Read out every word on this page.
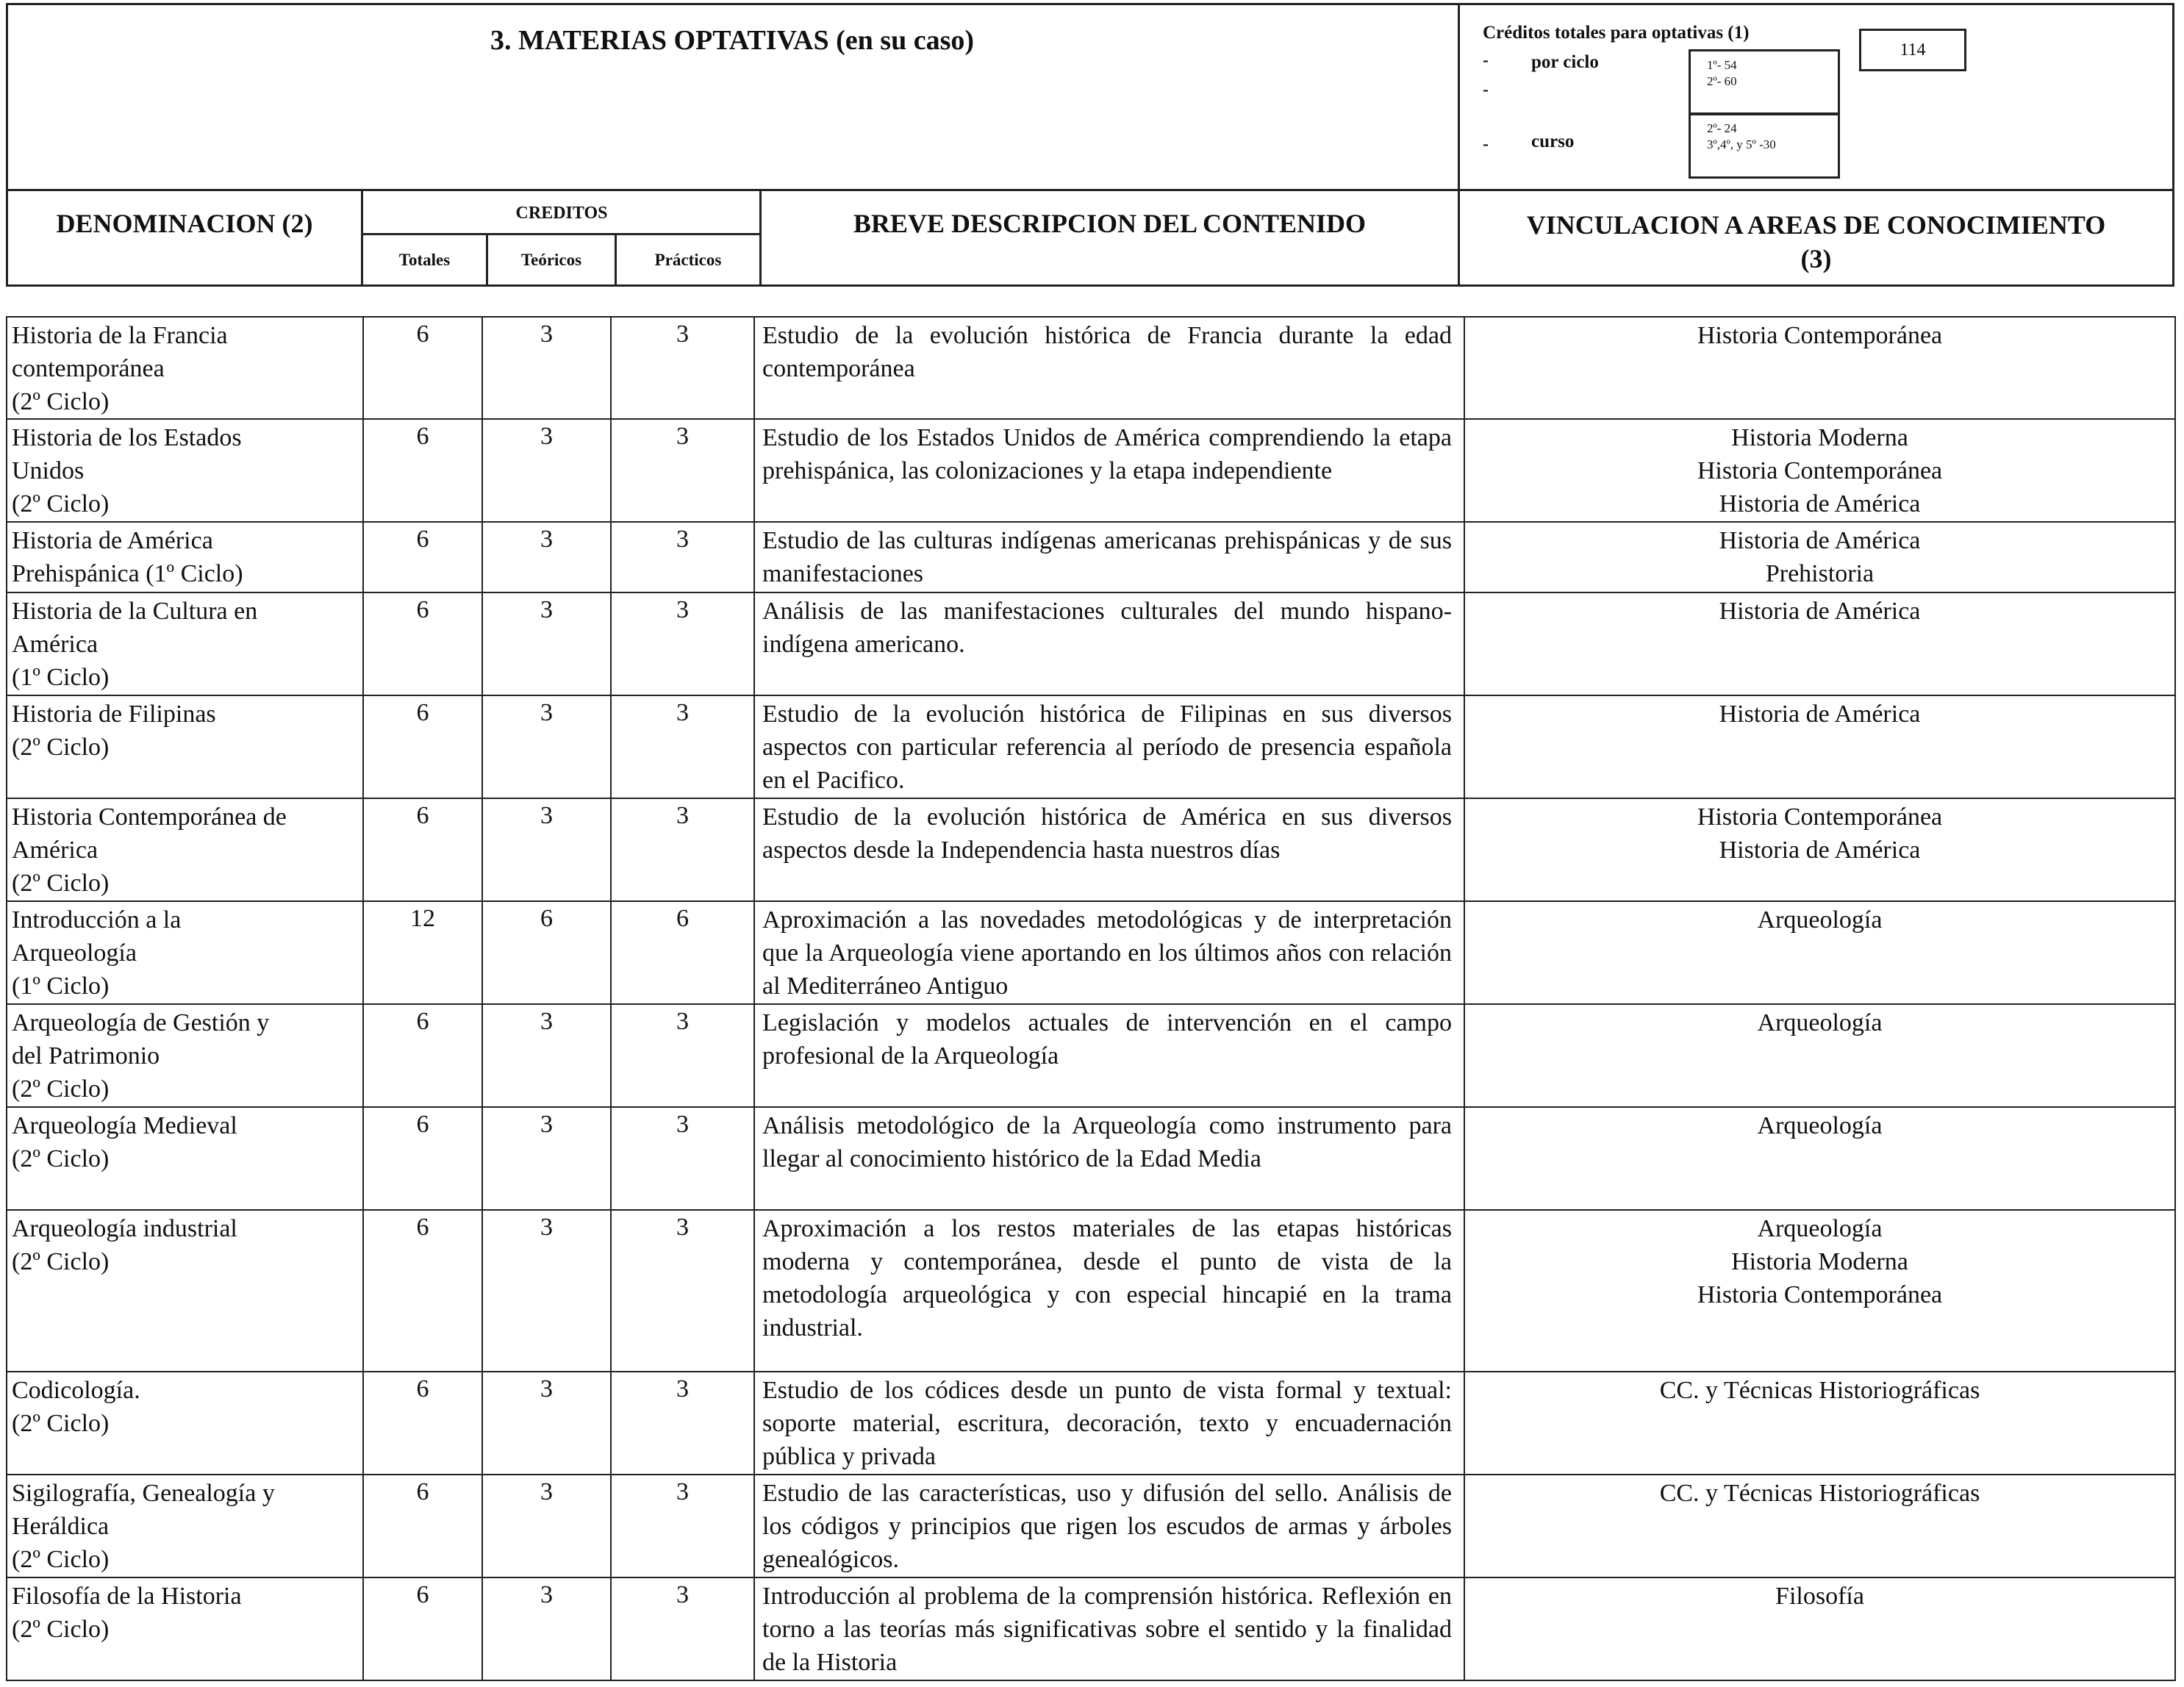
3. MATERIAS OPTATIVAS (en su caso)	Créditos totales para optativas (1)
114
-
-
-
por ciclo
curso
1º- 54
2º- 60
2º- 24
3º,4º, y 5º -30
DENOMINACION (2)	CREDITOS
Totales	Teóricos	Prácticos
BREVE DESCRIPCION DEL CONTENIDO	VINCULACION A AREAS DE CONOCIMIENTO
(3)
Historia de la Francia
contemporánea
(2º Ciclo)	6	3	3	Estudio de la evolución histórica de Francia durante la edad contemporánea	Historia Contemporánea

Historia de los Estados
Unidos
(2º Ciclo)	6	3	3	Estudio de los Estados Unidos de América comprendiendo la etapa prehispánica, las colonizaciones y la etapa independiente	Historia Moderna
Historia Contemporánea
Historia de América

Historia de América
Prehispánica (1º Ciclo)	6	3	3	Estudio de las culturas indígenas americanas prehispánicas y de sus manifestaciones	Historia de América
Prehistoria

Historia de la Cultura en
América
(1º Ciclo)	6	3	3	Análisis de las manifestaciones culturales del mundo hispano-indígena americano.	Historia de América

Historia de Filipinas
(2º Ciclo)	6	3	3	Estudio de la evolución histórica de Filipinas en sus diversos aspectos con particular referencia al período de presencia española en el Pacifico.	Historia de América

Historia Contemporánea de
América
(2º Ciclo)	6	3	3	Estudio de la evolución histórica de América en sus diversos aspectos desde la Independencia hasta nuestros días	Historia Contemporánea
Historia de América

Introducción a la
Arqueología
(1º Ciclo)	12	6	6	Aproximación a las novedades metodológicas y de interpretación que la Arqueología viene aportando en los últimos años con relación al Mediterráneo Antiguo	Arqueología

Arqueología de Gestión y
del Patrimonio
(2º Ciclo)	6	3	3	Legislación y modelos actuales de intervención en el campo profesional de la Arqueología	Arqueología

Arqueología Medieval
(2º Ciclo)	6	3	3	Análisis metodológico de la Arqueología como instrumento para llegar al conocimiento histórico de la Edad Media	Arqueología

Arqueología industrial
(2º Ciclo)	6	3	3	Aproximación a los restos materiales de las etapas históricas moderna y contemporánea, desde el punto de vista de la metodología arqueológica y con especial hincapié en la trama industrial.	Arqueología
Historia Moderna
Historia Contemporánea

Codicología.
(2º Ciclo)	6	3	3	Estudio de los códices desde un punto de vista formal y textual: soporte material, escritura, decoración, texto y encuadernación pública y privada	CC. y Técnicas Historiográficas

Sigilografía, Genealogía y
Heráldica
(2º Ciclo)	6	3	3	Estudio de las características, uso y difusión del sello. Análisis de los códigos y principios que rigen los escudos de armas y árboles genealógicos.	CC. y Técnicas Historiográficas

Filosofía de la Historia
(2º Ciclo)	6	3	3	Introducción al problema de la comprensión histórica. Reflexión en torno a las teorías más significativas sobre el sentido y la finalidad de la Historia	Filosofía
